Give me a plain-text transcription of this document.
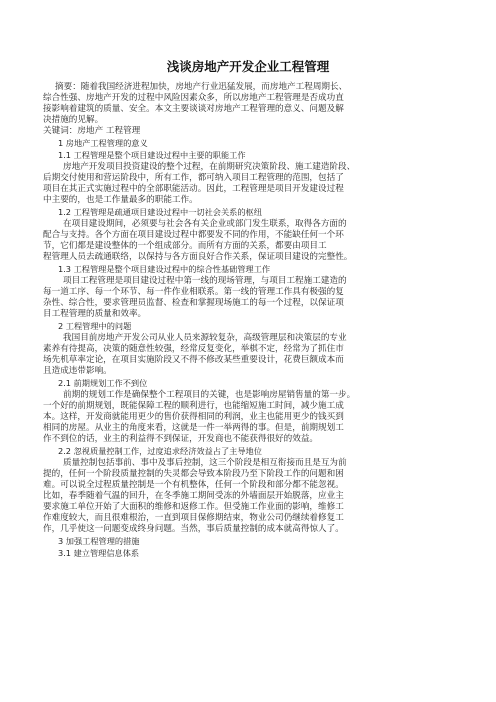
浅谈房地产开发企业工程管理
摘要：随着我国经济进程加快，房地产行业迅猛发展，而房地产工程周期长、
综合性强、房地产开发的过程中风险因素众多，所以房地产工程管理是否成功直
接影响着建筑的质量、安全。本文主要谈谈对房地产工程管理的意义、问题及解
决措施的见解。
关键词：房地产 工程管理
1 房地产工程管理的意义
1.1 工程管理是整个项目建设过程中主要的职能工作
房地产开发项目投资建设的整个过程，在前期研究决策阶段、施工建造阶段、
后期交付使用和营运阶段中，所有工作，都可纳入项目工程管理的范围，包括了
项目在其正式实施过程中的全部职能活动。因此，工程管理是项目开发建设过程
中主要的，也是工作量最多的职能工作。
1.2 工程管理是疏通项目建设过程中一切社会关系的枢纽
在项目建设期间，必须要与社会各有关企业或部门发生联系，取得各方面的
配合与支持。各个方面在项目建设过程中都要发不同的作用，不能缺任何一个环
节，它们都是建设整体的一个组成部分。而所有方面的关系，都要由项目工
程管理人员去疏通联络，以保持与各方面良好合作关系，保证项目建设的完整性。
1.3 工程管理是整个项目建设过程中的综合性基础管理工作
项目工程管理是项目建设过程中第一线的现场管理，与项目工程施工建造的
每一道工序、每一个环节、每一件作业相联系。第一线的管理工作具有极强的复
杂性、综合性，要求管理员监督、检查和掌握现场施工的每一个过程，以保证项
目工程管理的质量和效率。
2 工程管理中的问题
我国目前房地产开发公司从业人员来源较复杂，高级管理层和决策层的专业
素养有待提高，决策的随意性较强，经常反复变化，举棋不定，经常为了抓住市
场先机草率定论，在项目实施阶段又不得不修改某些重要设计，花费巨额成本而
且造成违带影响。
2.1 前期规划工作不到位
前期的规划工作是确保整个工程项目的关键，也是影响房屋销售量的第一步。
一个好的前期规划，既能保障工程的顺利进行，也能缩短施工时间，减少施工成
本。这样，开发商就能用更少的售价获得相同的利润，业主也能用更少的钱买到
相同的房屋。从业主的角度来看，这就是一件一举两得的事。但是，前期规划工
作不到位的话，业主的利益得不到保证，开发商也不能获得很好的效益。
2.2 忽视质量控制工作，过度追求经济效益占了主导地位
质量控制包括事前、事中及事后控制，这三个阶段是相互衔接而且是互为前
提的，任何一个阶段质量控制的失灵都会导致本阶段乃至下阶段工作的问题和困
难。可以说全过程质量控制是一个有机整体，任何一个阶段和部分都不能忽视。
比如，春季随着气温的回升，在冬季施工期间受冻的外墙面层开始脱落，应业主
要求施工单位开始了大面积的维修和返修工作。但受施工作业面的影响，维修工
作难度较大，而且很难根治，一直到项目保修期结束，物业公司仍继续着修复工
作，几乎使这一问题变成终身问题。当然，事后质量控制的成本就高得惊人了。
3 加强工程管理的措施
3.1 建立管理信息体系
